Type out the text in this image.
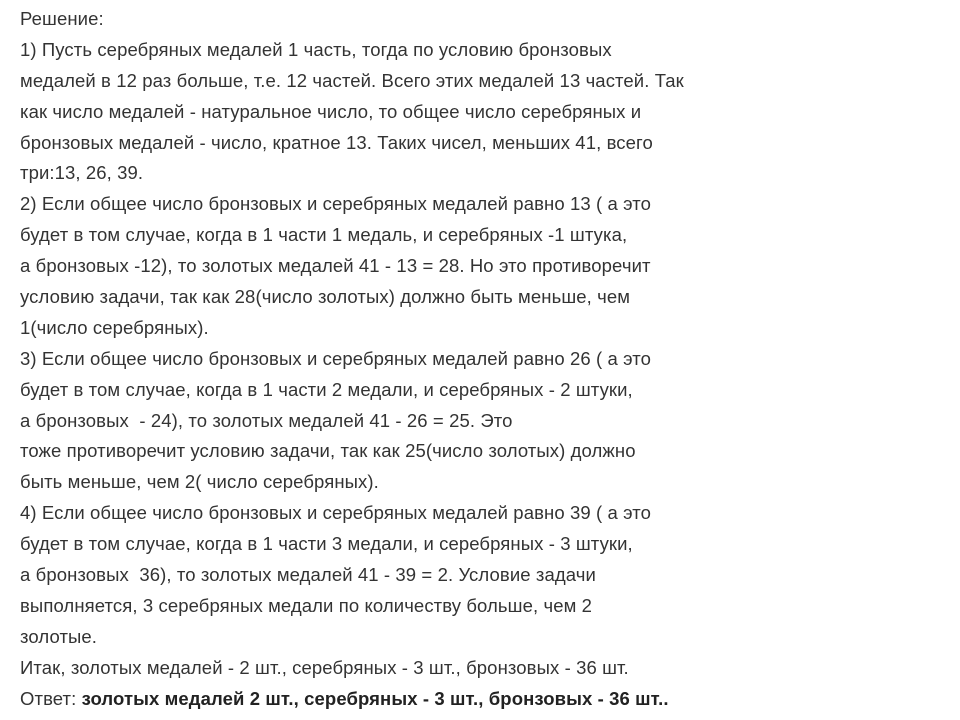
Решение:
1) Пусть серебряных медалей 1 часть, тогда по условию бронзовых
медалей в 12 раз больше, т.е. 12 частей. Всего этих медалей 13 частей. Так
как число медалей - натуральное число, то общее число серебряных и
бронзовых медалей - число, кратное 13. Таких чисел, меньших 41, всего
три:13, 26, 39.
2) Если общее число бронзовых и серебряных медалей равно 13 ( а это
будет в том случае, когда в 1 части 1 медаль, и серебряных -1 штука,
а бронзовых -12), то золотых медалей 41 - 13 = 28. Но это противоречит
условию задачи, так как 28(число золотых) должно быть меньше, чем
1(число серебряных).
3) Если общее число бронзовых и серебряных медалей равно 26 ( а это
будет в том случае, когда в 1 части 2 медали, и серебряных - 2 штуки,
а бронзовых  - 24), то золотых медалей 41 - 26 = 25. Это
тоже противоречит условию задачи, так как 25(число золотых) должно
быть меньше, чем 2( число серебряных).
4) Если общее число бронзовых и серебряных медалей равно 39 ( а это
будет в том случае, когда в 1 части 3 медали, и серебряных - 3 штуки,
а бронзовых  36), то золотых медалей 41 - 39 = 2. Условие задачи
выполняется, 3 серебряных медали по количеству больше, чем 2
золотые.
Итак, золотых медалей - 2 шт., серебряных - 3 шт., бронзовых - 36 шт.
Ответ: золотых медалей 2 шт., серебряных - 3 шт., бронзовых - 36 шт..
